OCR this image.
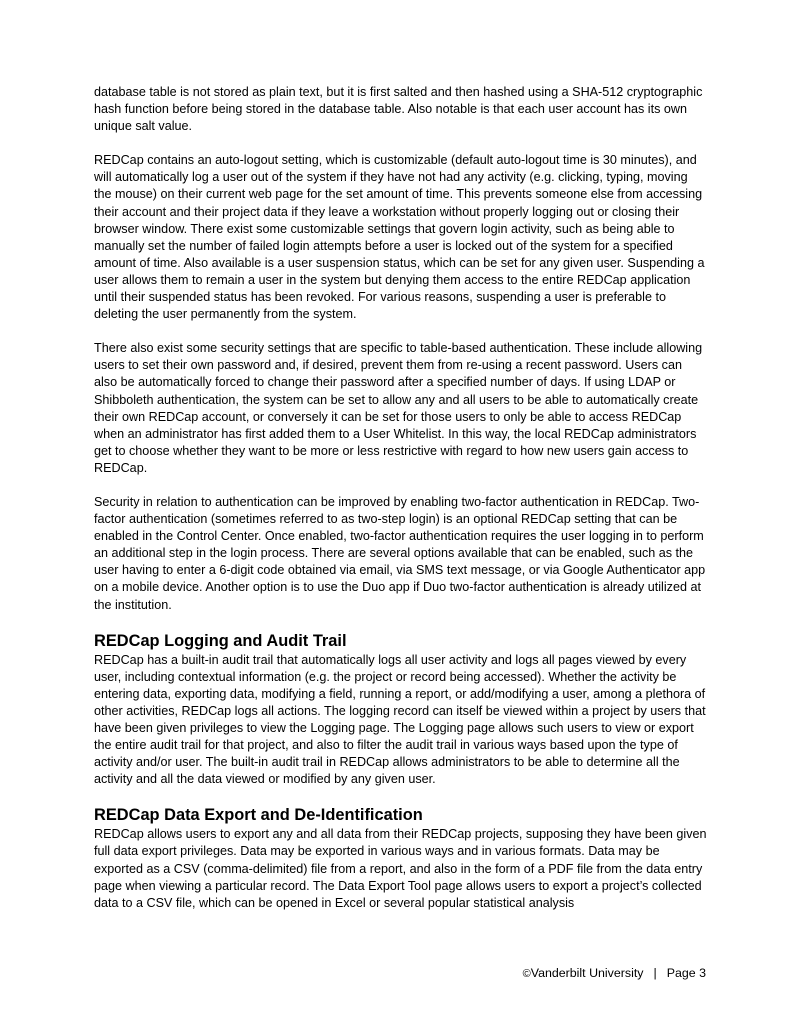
database table is not stored as plain text, but it is first salted and then hashed using a SHA-512 cryptographic hash function before being stored in the database table. Also notable is that each user account has its own unique salt value.

REDCap contains an auto-logout setting, which is customizable (default auto-logout time is 30 minutes), and will automatically log a user out of the system if they have not had any activity (e.g. clicking, typing, moving the mouse) on their current web page for the set amount of time. This prevents someone else from accessing their account and their project data if they leave a workstation without properly logging out or closing their browser window. There exist some customizable settings that govern login activity, such as being able to manually set the number of failed login attempts before a user is locked out of the system for a specified amount of time. Also available is a user suspension status, which can be set for any given user. Suspending a user allows them to remain a user in the system but denying them access to the entire REDCap application until their suspended status has been revoked. For various reasons, suspending a user is preferable to deleting the user permanently from the system.

There also exist some security settings that are specific to table-based authentication. These include allowing users to set their own password and, if desired, prevent them from re-using a recent password. Users can also be automatically forced to change their password after a specified number of days. If using LDAP or Shibboleth authentication, the system can be set to allow any and all users to be able to automatically create their own REDCap account, or conversely it can be set for those users to only be able to access REDCap when an administrator has first added them to a User Whitelist. In this way, the local REDCap administrators get to choose whether they want to be more or less restrictive with regard to how new users gain access to REDCap.

Security in relation to authentication can be improved by enabling two-factor authentication in REDCap. Two-factor authentication (sometimes referred to as two-step login) is an optional REDCap setting that can be enabled in the Control Center. Once enabled, two-factor authentication requires the user logging in to perform an additional step in the login process. There are several options available that can be enabled, such as the user having to enter a 6-digit code obtained via email, via SMS text message, or via Google Authenticator app on a mobile device. Another option is to use the Duo app if Duo two-factor authentication is already utilized at the institution.

REDCap Logging and Audit Trail

REDCap has a built-in audit trail that automatically logs all user activity and logs all pages viewed by every user, including contextual information (e.g. the project or record being accessed). Whether the activity be entering data, exporting data, modifying a field, running a report, or add/modifying a user, among a plethora of other activities, REDCap logs all actions. The logging record can itself be viewed within a project by users that have been given privileges to view the Logging page. The Logging page allows such users to view or export the entire audit trail for that project, and also to filter the audit trail in various ways based upon the type of activity and/or user. The built-in audit trail in REDCap allows administrators to be able to determine all the activity and all the data viewed or modified by any given user.

REDCap Data Export and De-Identification

REDCap allows users to export any and all data from their REDCap projects, supposing they have been given full data export privileges. Data may be exported in various ways and in various formats. Data may be exported as a CSV (comma-delimited) file from a report, and also in the form of a PDF file from the data entry page when viewing a particular record. The Data Export Tool page allows users to export a project’s collected data to a CSV file, which can be opened in Excel or several popular statistical analysis

©Vanderbilt University | Page 3
